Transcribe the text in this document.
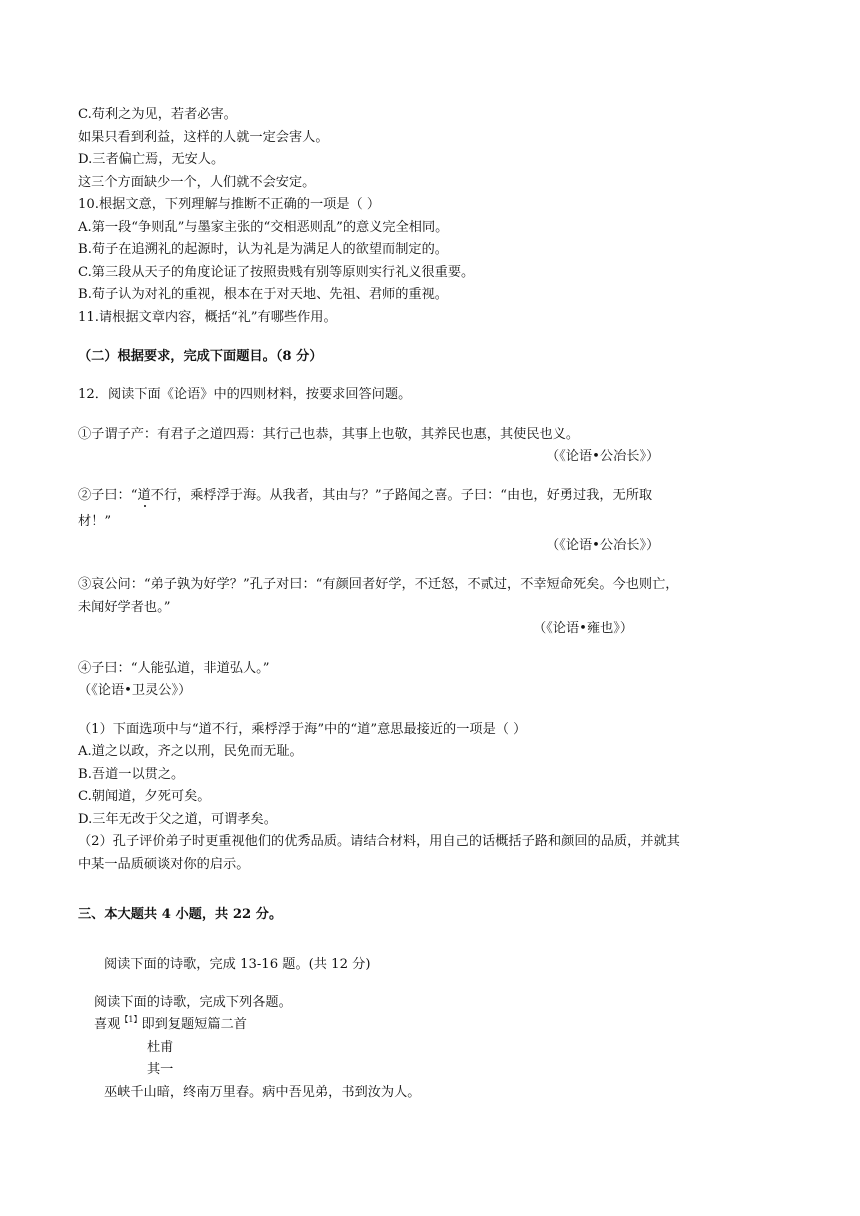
C.苟利之为见，若者必害。
如果只看到利益，这样的人就一定会害人。
D.三者偏亡焉，无安人。
这三个方面缺少一个，人们就不会安定。
10.根据文意，下列理解与推断不正确的一项是（ ）
A.第一段“争则乱”与墨家主张的“交相恶则乱”的意义完全相同。
B.荀子在追溯礼的起源时，认为礼是为满足人的欲望而制定的。
C.第三段从天子的角度论证了按照贵贱有别等原则实行礼义很重要。
B.荀子认为对礼的重视，根本在于对天地、先祖、君师的重视。
11.请根据文章内容，概括“礼”有哪些作用。
（二）根据要求，完成下面题目。（8 分）
12．阅读下面《论语》中的四则材料，按要求回答问题。
①子谓子产：有君子之道四焉：其行己也恭，其事上也敬，其养民也惠，其使民也义。
（《论语•公冶长》）
②子曰：“道不行，乘桴浮于海。从我者，其由与？”子路闻之喜。子曰：“由也，好勇过我，无所取
材！”
（《论语•公冶长》）
③哀公问：“弟子孰为好学？”孔子对曰：“有颜回者好学，不迁怒，不贰过，不幸短命死矣。今也则亡，
未闻好学者也。”
（《论语•雍也》）
④子曰：“人能弘道，非道弘人。”
（《论语•卫灵公》）
（1）下面选项中与“道不行，乘桴浮于海”中的“道”意思最接近的一项是（ ）
A.道之以政，齐之以刑，民免而无耻。
B.吾道一以贯之。
C.朝闻道，夕死可矣。
D.三年无改于父之道，可谓孝矣。
（2）孔子评价弟子时更重视他们的优秀品质。请结合材料，用自己的话概括子路和颜回的品质，并就其
中某一品质硕谈对你的启示。
三、本大题共 4 小题，共 22 分。
阅读下面的诗歌，完成 13-16 题。(共 12 分)
阅读下面的诗歌，完成下列各题。
喜观$^{【1】}$即到复题短篇二首
杜甫
其一
巫峡千山暗，终南万里春。病中吾见弟，书到汝为人。
